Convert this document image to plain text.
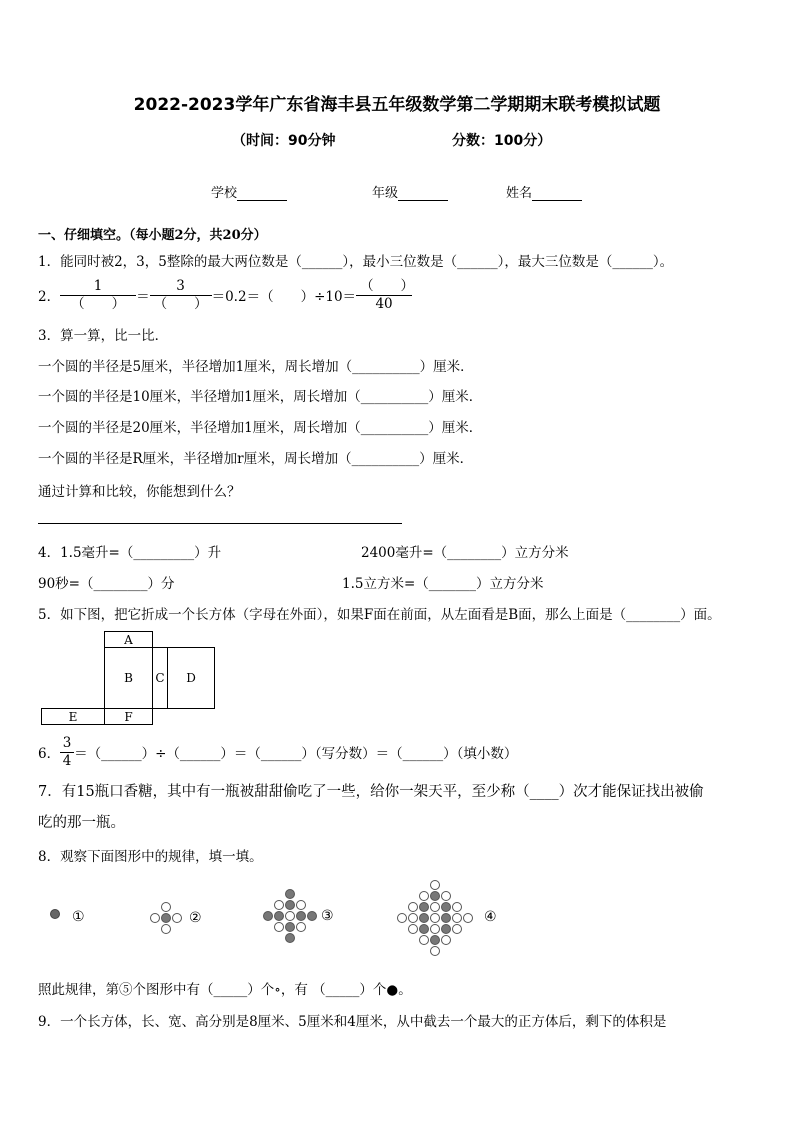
2022-2023学年广东省海丰县五年级数学第二学期期末联考模拟试题
（时间：90分钟	分数：100分）
学校	年级	姓名
一、仔细填空。（每小题2分，共20分）
1．能同时被2，3，5整除的最大两位数是（______），最小三位数是（______），最大三位数是（______）。
2． $\frac{1}{( )} = \frac{3}{( )} =0.2=$（　　）$\div 10= \frac{( )}{40}$
3．算一算，比一比．
一个圆的半径是5厘米，半径增加1厘米，周长增加（__________）厘米．
一个圆的半径是10厘米，半径增加1厘米，周长增加（__________）厘米．
一个圆的半径是20厘米，半径增加1厘米，周长增加（__________）厘米．
一个圆的半径是R厘米，半径增加r厘米，周长增加（__________）厘米．
通过计算和比较，你能想到什么？
4．1.5毫升=（_________）升	2400毫升=（________）立方分米
90秒=（________）分	1.5立方米=（_______）立方分米
5．如下图，把它折成一个长方体（字母在外面），如果F面在前面，从左面看是B面，那么上面是（________）面。
A
B	C	D
E	F
6． $\frac{3}{4}$ ＝（______）÷（______）＝（______）（写分数）＝（______）（填小数）
7．有15瓶口香糖，其中有一瓶被甜甜偷吃了一些，给你一架天平，至少称（____）次才能保证找出被偷
吃的那一瓶。
8．观察下面图形中的规律，填一填。
①	②	③	④
照此规律，第⑤个图形中有（_____）个∘，有 （_____）个●。
9．一个长方体，长、宽、高分别是8厘米、5厘米和4厘米，从中截去一个最大的正方体后，剩下的体积是
